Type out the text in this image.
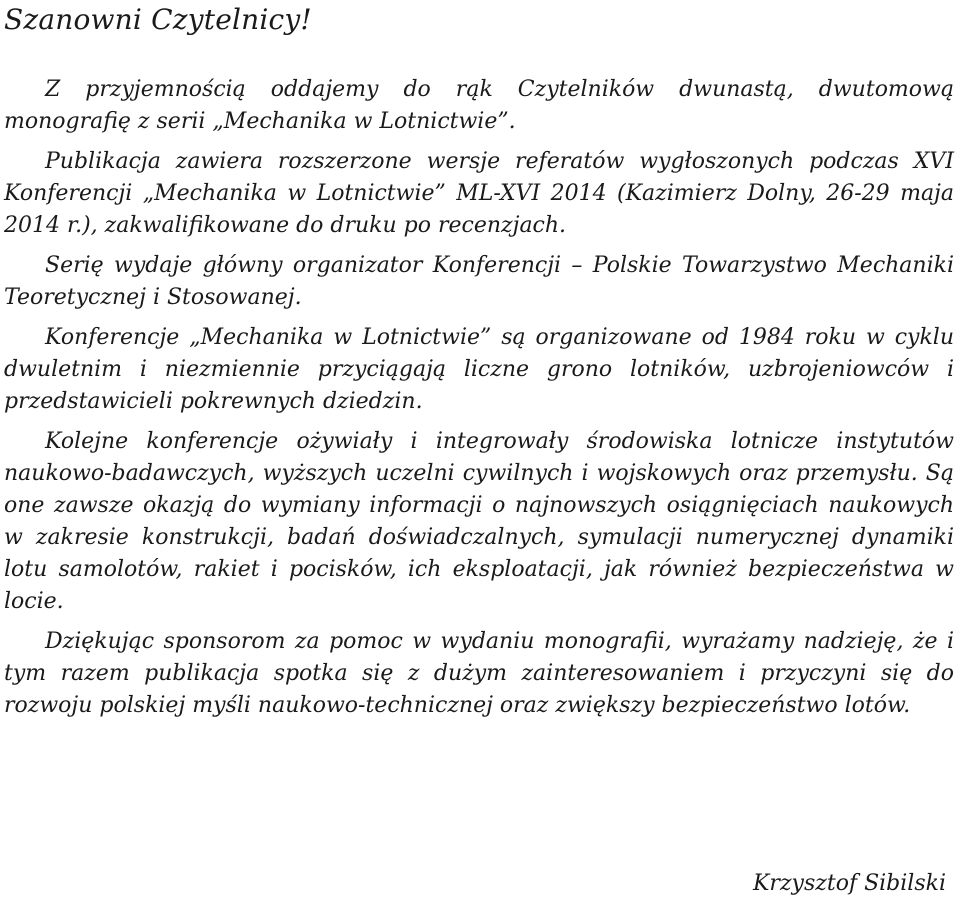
Szanowni Czytelnicy!

Z przyjemnością oddajemy do rąk Czytelników dwunastą, dwutomową monografię z serii „Mechanika w Lotnictwie”.

Publikacja zawiera rozszerzone wersje referatów wygłoszonych podczas XVI Konferencji „Mechanika w Lotnictwie” ML-XVI 2014 (Kazimierz Dolny, 26-29 maja 2014 r.), zakwalifikowane do druku po recenzjach.

Serię wydaje główny organizator Konferencji – Polskie Towarzystwo Mechaniki Teoretycznej i Stosowanej.

Konferencje „Mechanika w Lotnictwie” są organizowane od 1984 roku w cyklu dwuletnim i niezmiennie przyciągają liczne grono lotników, uzbrojeniowców i przedstawicieli pokrewnych dziedzin.

Kolejne konferencje ożywiały i integrowały środowiska lotnicze instytutów naukowo-badawczych, wyższych uczelni cywilnych i wojskowych oraz przemysłu. Są one zawsze okazją do wymiany informacji o najnowszych osiągnięciach naukowych w zakresie konstrukcji, badań doświadczalnych, symulacji numerycznej dynamiki lotu samolotów, rakiet i pocisków, ich eksploatacji, jak również bezpieczeństwa w locie.

Dziękując sponsorom za pomoc w wydaniu monografii, wyrażamy nadzieję, że i tym razem publikacja spotka się z dużym zainteresowaniem i przyczyni się do rozwoju polskiej myśli naukowo-technicznej oraz zwiększy bezpieczeństwo lotów.

Krzysztof Sibilski
